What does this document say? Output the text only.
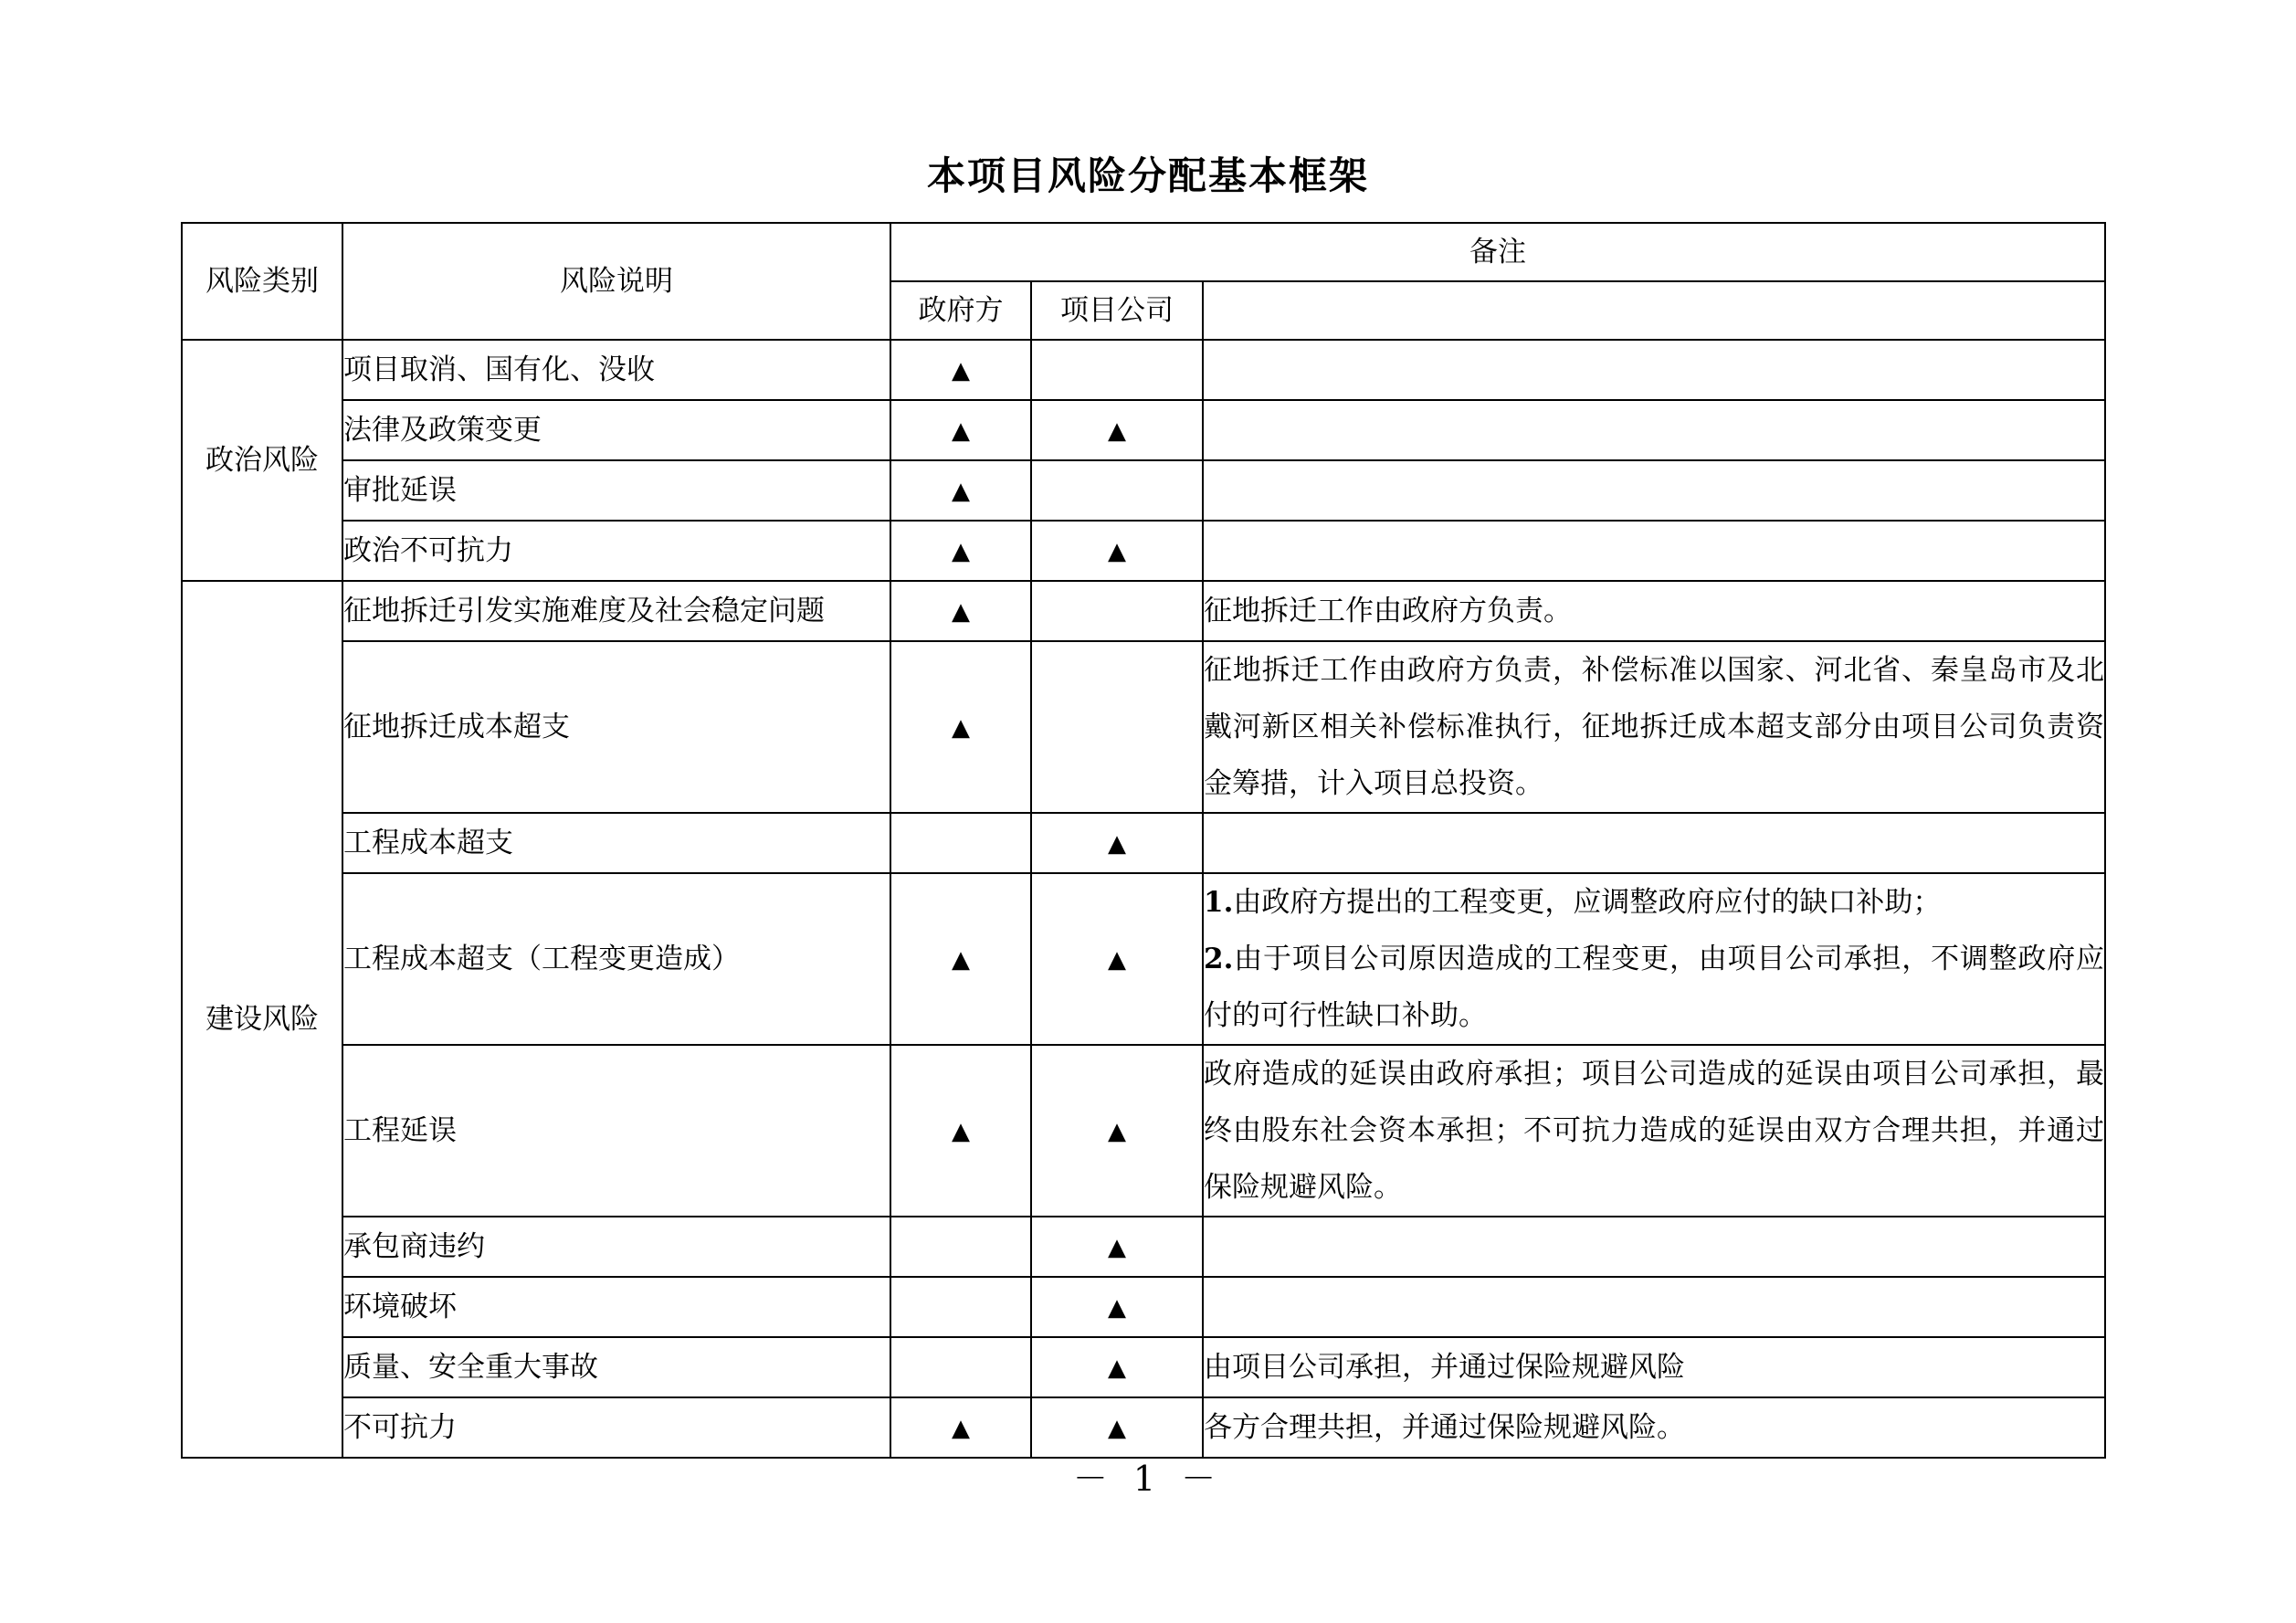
本项目风险分配基本框架
风险类别	风险说明	备注		
		政府方	项目公司	
政治风险	项目取消、国有化、没收	▲		
	法律及政策变更	▲	▲	
	审批延误	▲		
	政治不可抗力	▲	▲	
建设风险	征地拆迁引发实施难度及社会稳定问题	▲		征地拆迁工作由政府方负责。
	征地拆迁成本超支	▲		征地拆迁工作由政府方负责，补偿标准以国家、河北省、秦皇岛市及北戴河新区相关补偿标准执行，征地拆迁成本超支部分由项目公司负责资金筹措，计入项目总投资。
	工程成本超支		▲	
	工程成本超支（工程变更造成）	▲	▲	1.由政府方提出的工程变更，应调整政府应付的缺口补助；
2.由于项目公司原因造成的工程变更，由项目公司承担，不调整政府应付的可行性缺口补助。

	工程延误	▲	▲	政府造成的延误由政府承担；项目公司造成的延误由项目公司承担，最终由股东社会资本承担；不可抗力造成的延误由双方合理共担，并通过保险规避风险。
	承包商违约		▲	
	环境破坏		▲	
	质量、安全重大事故		▲	由项目公司承担，并通过保险规避风险
	不可抗力	▲	▲	各方合理共担，并通过保险规避风险。
－ 1 －
